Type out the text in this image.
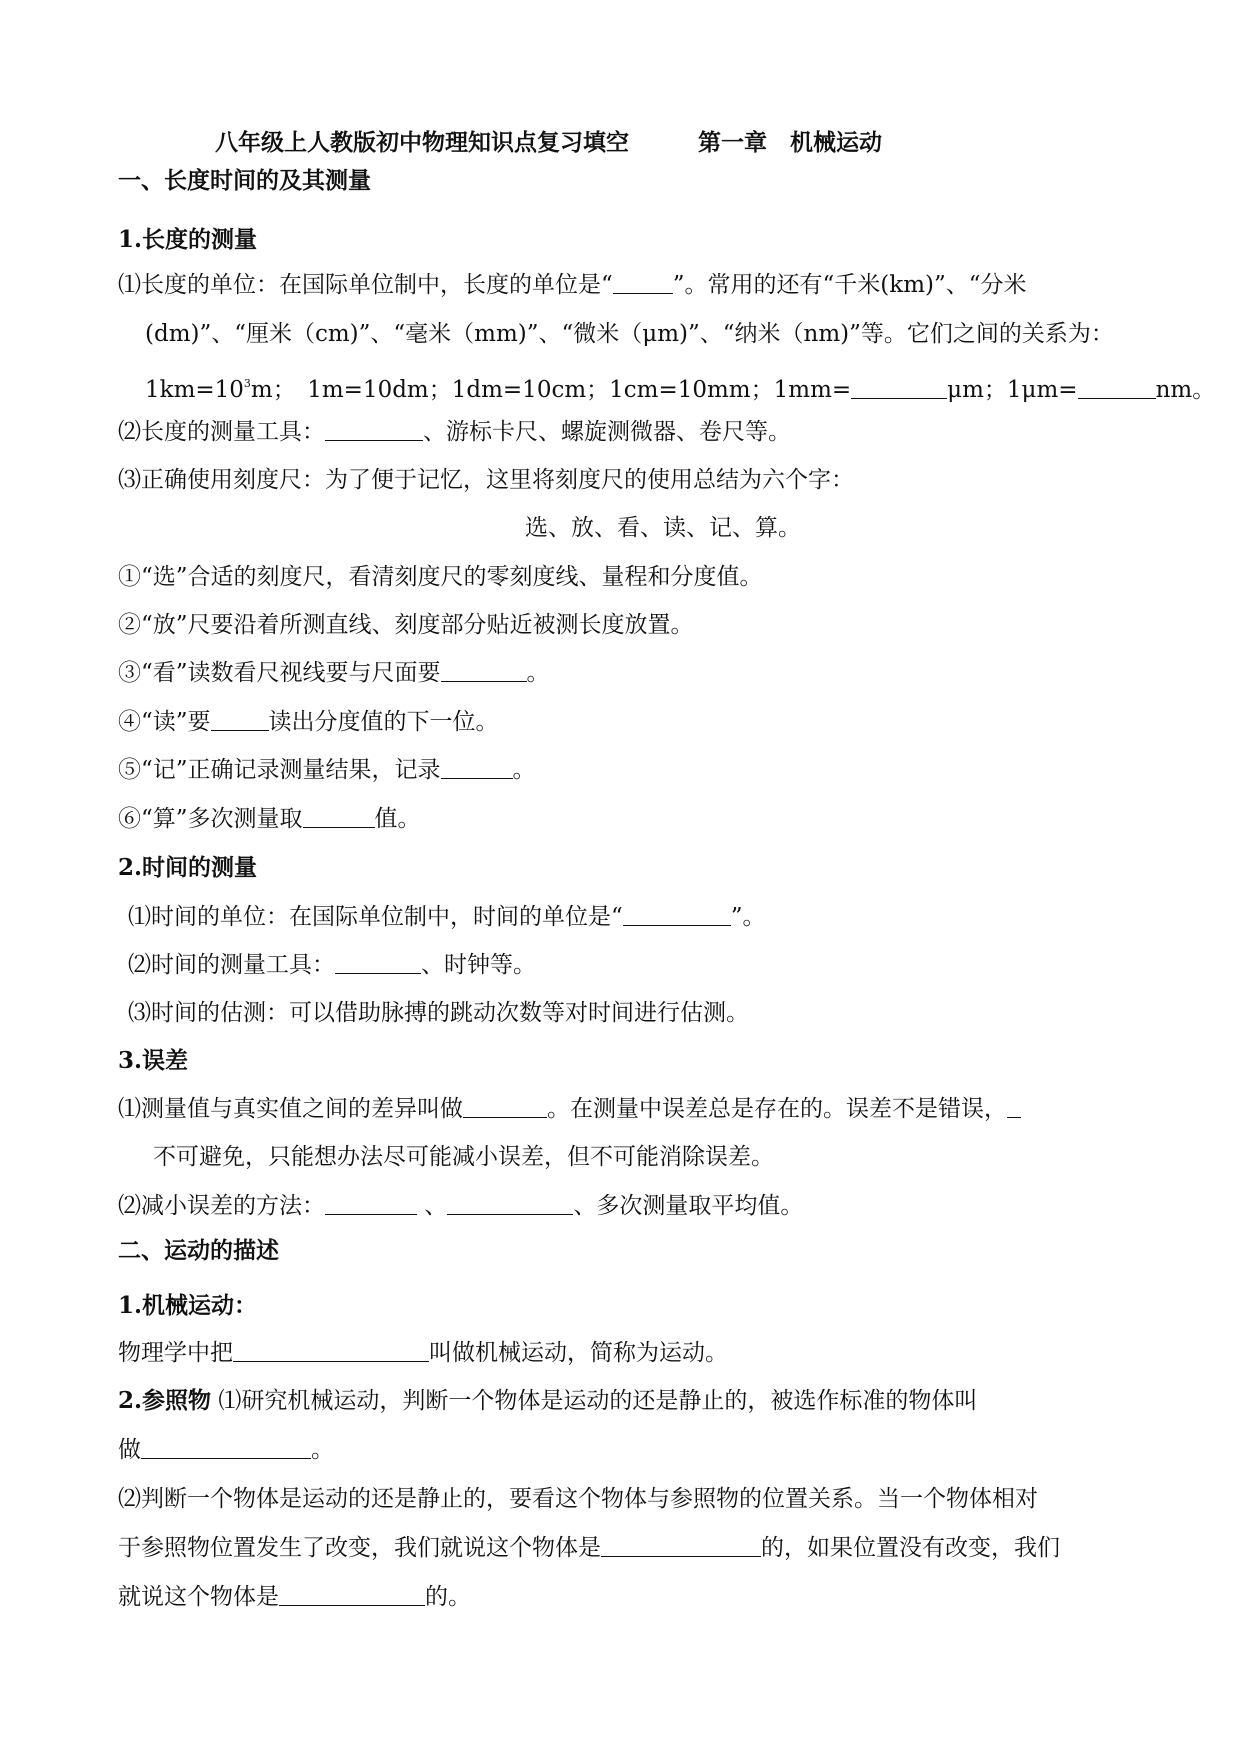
八年级上人教版初中物理知识点复习填空　　　第一章　机械运动
一、长度时间的及其测量
1.长度的测量
⑴长度的单位：在国际单位制中，长度的单位是“	”。常用的还有“千米(km)”、“分米
(dm)”、“厘米（cm)”、“毫米（mm)”、“微米（μm)”、“纳米（nm)”等。它们之间的关系为：
$1km=10^3m$；　1m=10dm；1dm=10cm；1cm=10mm；1mm=	μm；1μm=	nm。
⑵长度的测量工具：	、游标卡尺、螺旋测微器、卷尺等。
⑶正确使用刻度尺：为了便于记忆，这里将刻度尺的使用总结为六个字：
选、放、看、读、记、算。
①“选”合适的刻度尺，看清刻度尺的零刻度线、量程和分度值。
②“放”尺要沿着所测直线、刻度部分贴近被测长度放置。
③“看”读数看尺视线要与尺面要	。
④“读”要	读出分度值的下一位。
⑤“记”正确记录测量结果，记录	。
⑥“算”多次测量取	值。
2.时间的测量
⑴时间的单位：在国际单位制中，时间的单位是“	”。
⑵时间的测量工具：	、时钟等。
⑶时间的估测：可以借助脉搏的跳动次数等对时间进行估测。
3.误差
⑴测量值与真实值之间的差异叫做	。在测量中误差总是存在的。误差不是错误，
不可避免，只能想办法尽可能减小误差，但不可能消除误差。
⑵减小误差的方法：	、	、多次测量取平均值。
二、运动的描述
1.机械运动：
物理学中把	叫做机械运动，简称为运动。
2.参照物 ⑴研究机械运动，判断一个物体是运动的还是静止的，被选作标准的物体叫
做	。
⑵判断一个物体是运动的还是静止的，要看这个物体与参照物的位置关系。当一个物体相对
于参照物位置发生了改变，我们就说这个物体是	的，如果位置没有改变，我们
就说这个物体是	的。
